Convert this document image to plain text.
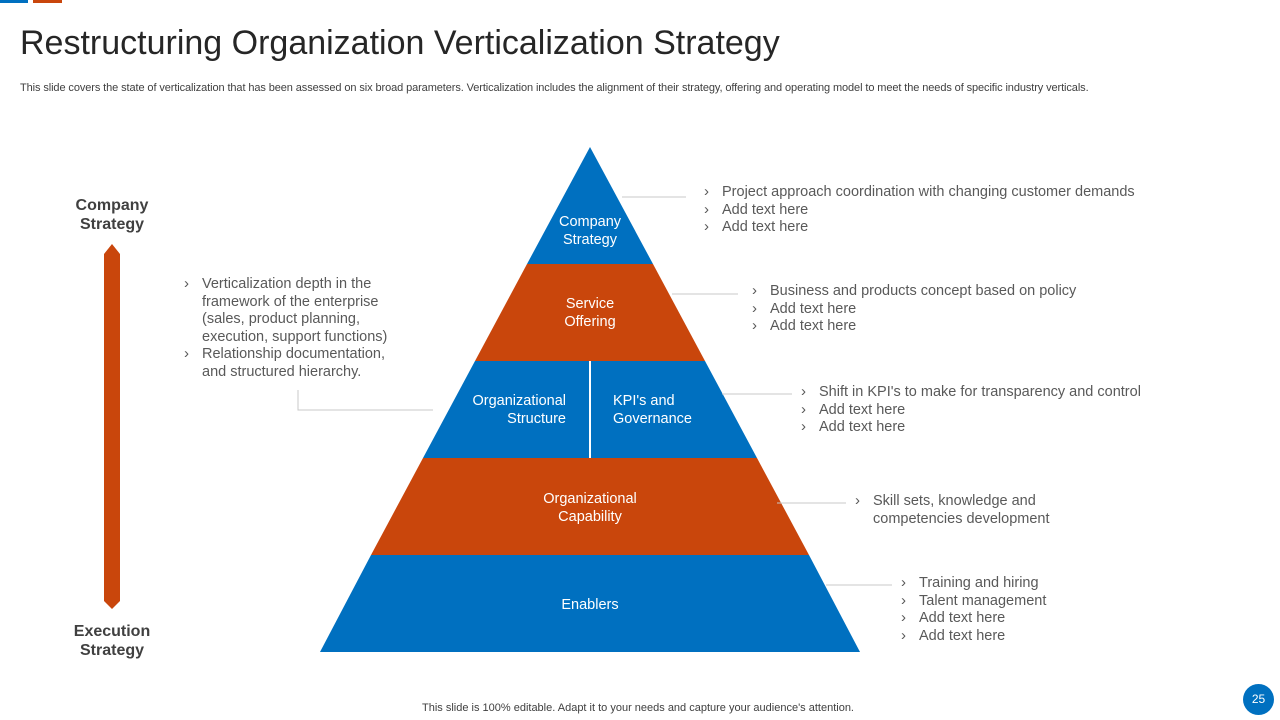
Restructuring Organization Verticalization Strategy
This slide covers the state of verticalization that has been assessed on six broad parameters. Verticalization includes the alignment of their strategy, offering and operating model to meet the needs of specific industry verticals.
Company Strategy
Execution Strategy
Company Strategy
Service Offering
Organizational Structure
KPI's and Governance
Organizational Capability
Enablers
› Project approach coordination with changing customer demands
› Add text here
› Add text here
› Business and products concept based on policy
› Add text here
› Add text here
› Shift in KPI's to make for transparency and control
› Add text here
› Add text here
› Skill sets, knowledge and competencies development
› Training and hiring
› Talent management
› Add text here
› Add text here
› Verticalization depth in the framework of the enterprise (sales, product planning, execution, support functions)
› Relationship documentation, and structured hierarchy.
This slide is 100% editable. Adapt it to your needs and capture your audience's attention.
25
